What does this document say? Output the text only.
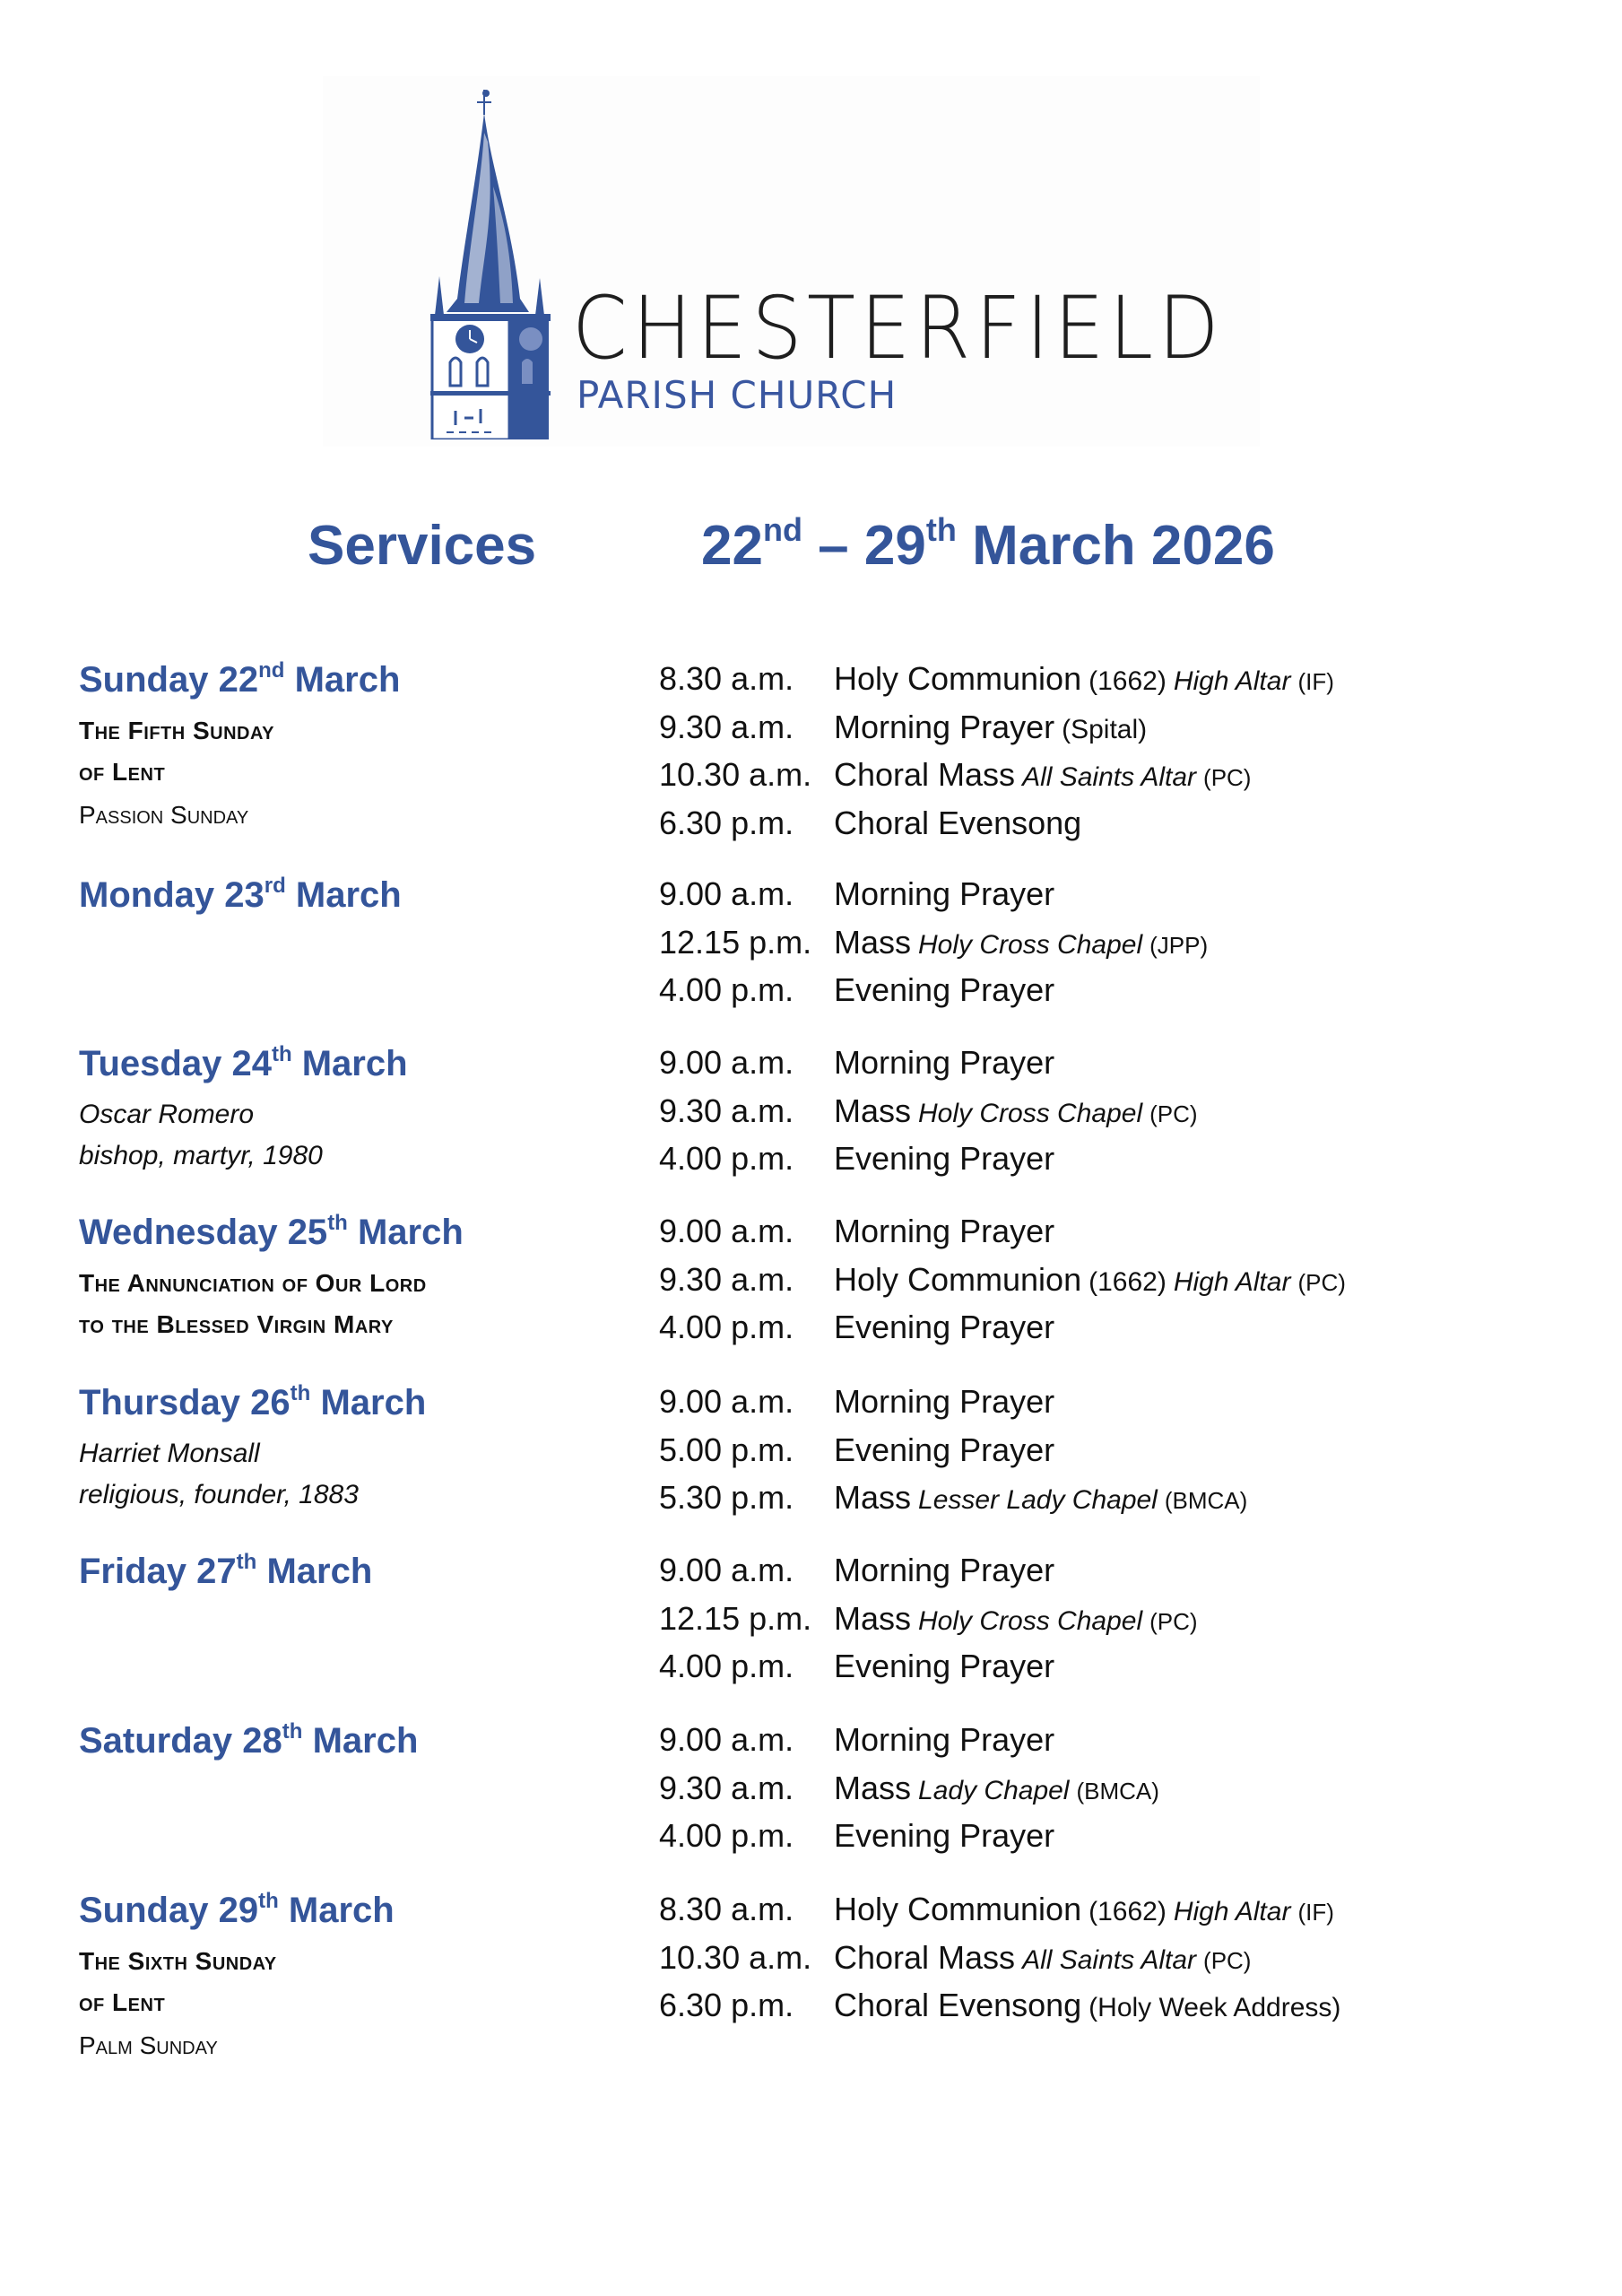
CHESTERFIELD
PARISH CHURCH
Services	22nd – 29th March 2026
Sunday 22nd March
The Fifth Sunday
of Lent
Passion Sunday
8.30 a.m.	Holy Communion (1662) High Altar (IF)
9.30 a.m.	Morning Prayer (Spital)
10.30 a.m. Choral Mass All Saints Altar (PC)
6.30 p.m.	Choral Evensong
Monday 23rd March	9.00 a.m.	Morning Prayer
12.15 p.m. Mass Holy Cross Chapel (JPP)
4.00 p.m.	Evening Prayer
Tuesday 24th March
Oscar Romero
bishop, martyr, 1980
9.00 a.m.	Morning Prayer
9.30 a.m.	Mass Holy Cross Chapel (PC)
4.00 p.m.	Evening Prayer
Wednesday 25th March
The Annunciation of Our Lord
to the Blessed Virgin Mary
9.00 a.m.	Morning Prayer
9.30 a.m.	Holy Communion (1662) High Altar (PC)
4.00 p.m.	Evening Prayer
Thursday 26th March
Harriet Monsall
religious, founder, 1883
9.00 a.m.	Morning Prayer
5.00 p.m.	Evening Prayer
5.30 p.m.	Mass Lesser Lady Chapel (BMCA)
Friday 27th March	9.00 a.m.	Morning Prayer
12.15 p.m. Mass Holy Cross Chapel (PC)
4.00 p.m.	Evening Prayer
Saturday 28th March	9.00 a.m.	Morning Prayer
9.30 a.m.	Mass Lady Chapel (BMCA)
4.00 p.m.	Evening Prayer
Sunday 29th March
The Sixth Sunday
of Lent
Palm Sunday
8.30 a.m.	Holy Communion (1662) High Altar (IF)
10.30 a.m. Choral Mass All Saints Altar (PC)
6.30 p.m.	Choral Evensong (Holy Week Address)
